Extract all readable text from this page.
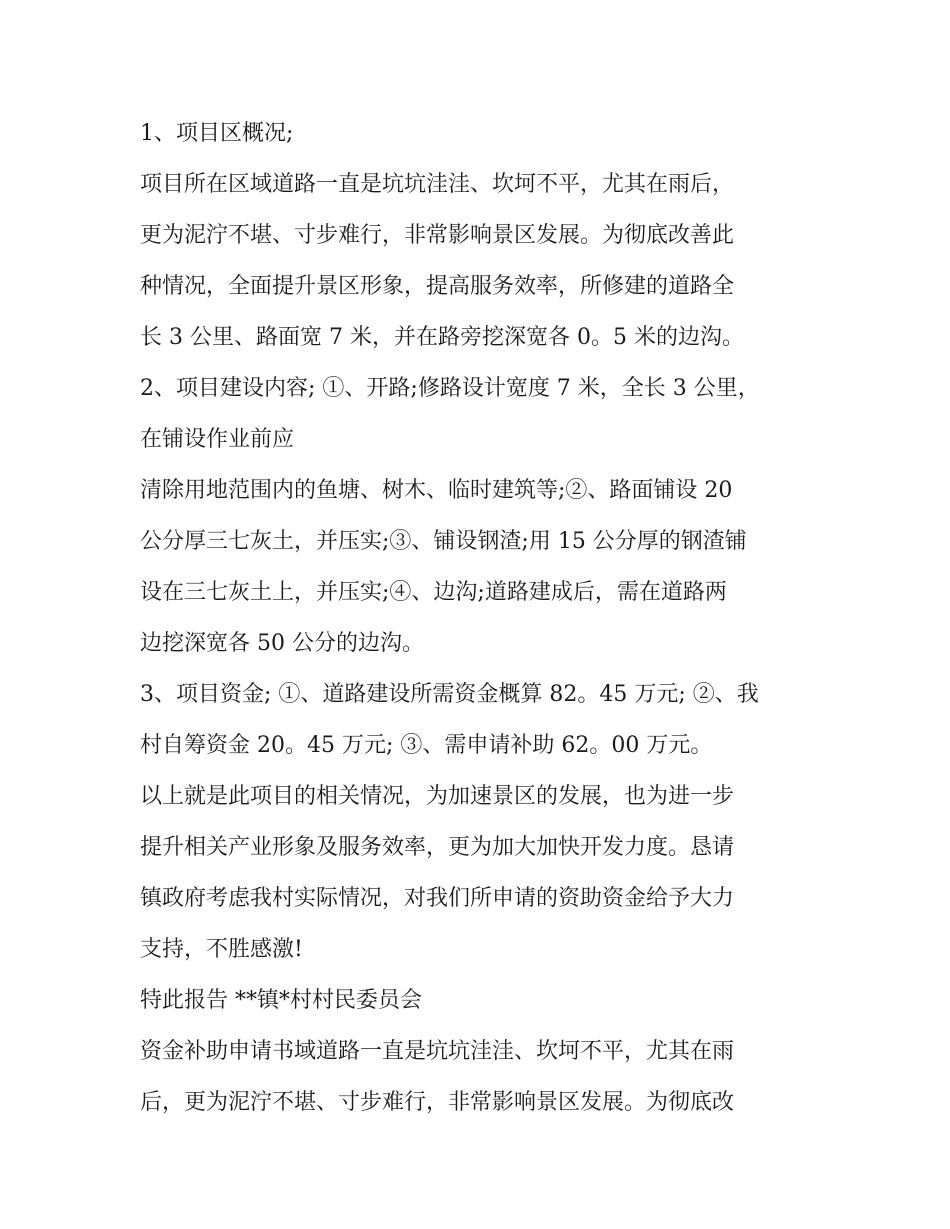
1、项目区概况;
项目所在区域道路一直是坑坑洼洼、坎坷不平，尤其在雨后，
更为泥泞不堪、寸步难行，非常影响景区发展。为彻底改善此
种情况，全面提升景区形象，提高服务效率，所修建的道路全
长 3 公里、路面宽 7 米，并在路旁挖深宽各 0。5 米的边沟。
2、项目建设内容; ①、开路;修路设计宽度 7 米，全长 3 公里，
在铺设作业前应
清除用地范围内的鱼塘、树木、临时建筑等;②、路面铺设 20
公分厚三七灰土，并压实;③、铺设钢渣;用 15 公分厚的钢渣铺
设在三七灰土上，并压实;④、边沟;道路建成后，需在道路两
边挖深宽各 50 公分的边沟。
3、项目资金; ①、道路建设所需资金概算 82。45 万元; ②、我
村自筹资金 20。45 万元; ③、需申请补助 62。00 万元。
以上就是此项目的相关情况，为加速景区的发展，也为进一步
提升相关产业形象及服务效率，更为加大加快开发力度。恳请
镇政府考虑我村实际情况，对我们所申请的资助资金给予大力
支持，不胜感激!
特此报告 **镇*村村民委员会
资金补助申请书域道路一直是坑坑洼洼、坎坷不平，尤其在雨
后，更为泥泞不堪、寸步难行，非常影响景区发展。为彻底改
